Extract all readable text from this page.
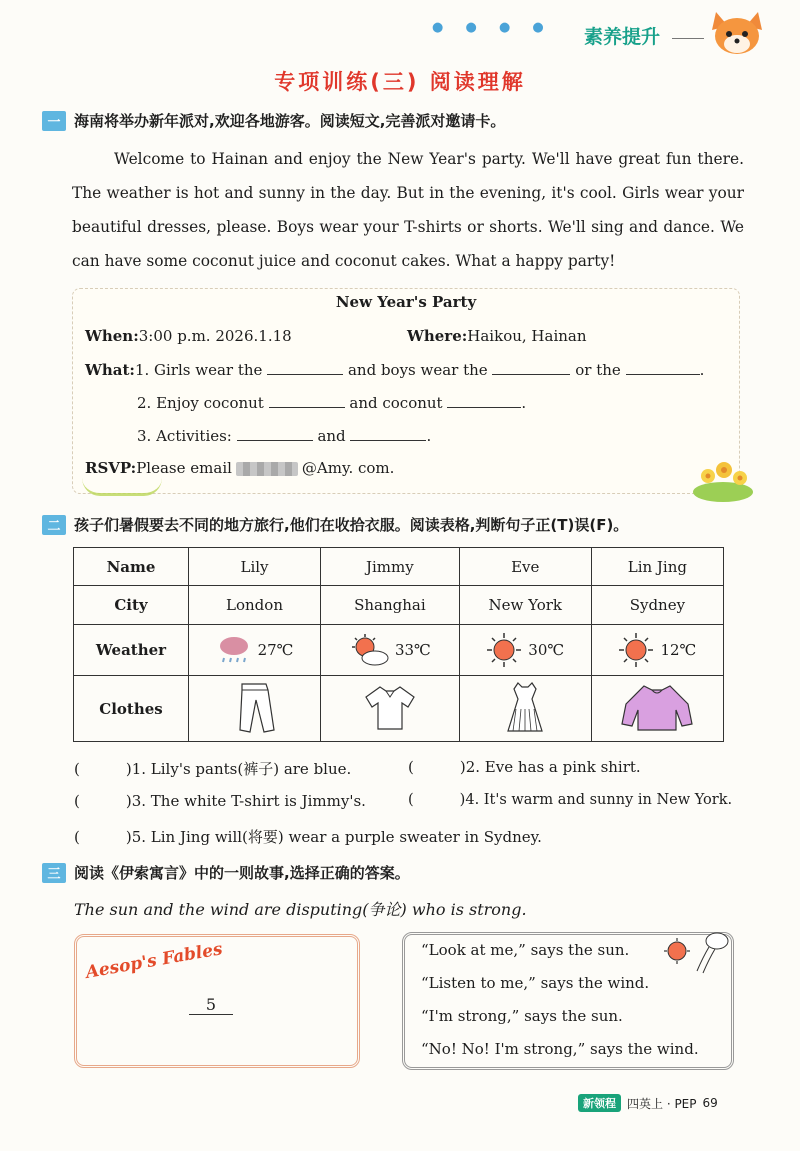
● ● ● ● 素养提升
专项训练(三) 阅读理解
一 海南将举办新年派对,欢迎各地游客。阅读短文,完善派对邀请卡。
Welcome to Hainan and enjoy the New Year's party. We'll have great fun there. The weather is hot and sunny in the day. But in the evening, it's cool. Girls wear your beautiful dresses, please. Boys wear your T-shirts or shorts. We'll sing and dance. We can have some coconut juice and coconut cakes. What a happy party!
New Year's Party
When:3:00 p.m. 2026.1.18	Where:Haikou, Hainan
What:1. Girls wear the	and boys wear the	or the	.
2. Enjoy coconut	and coconut	.
3. Activities:	and	.
RSVP:Please email	@Amy. com.
二 孩子们暑假要去不同的地方旅行,他们在收拾衣服。阅读表格,判断句子正(T)误(F)。
Name	Lily	Jimmy	Eve	Lin Jing
City	London	Shanghai	New York	Sydney
Weather	27℃	33℃	30℃	12℃

Clothes				
(	)1. Lily's pants(裤子) are blue.	(	)2. Eve has a pink shirt.
(	)3. The white T-shirt is Jimmy's.	(	)4. It's warm and sunny in New York.
(	)5. Lin Jing will(将要) wear a purple sweater in Sydney.
三 阅读《伊索寓言》中的一则故事,选择正确的答案。
The sun and the wind are disputing(争论) who is strong.
Aesop's Fables
5
“Look at me,” says the sun.
“Listen to me,” says the wind.
“I'm strong,” says the sun.
“No! No! I'm strong,” says the wind.
新领程 四英上 · PEP 69
